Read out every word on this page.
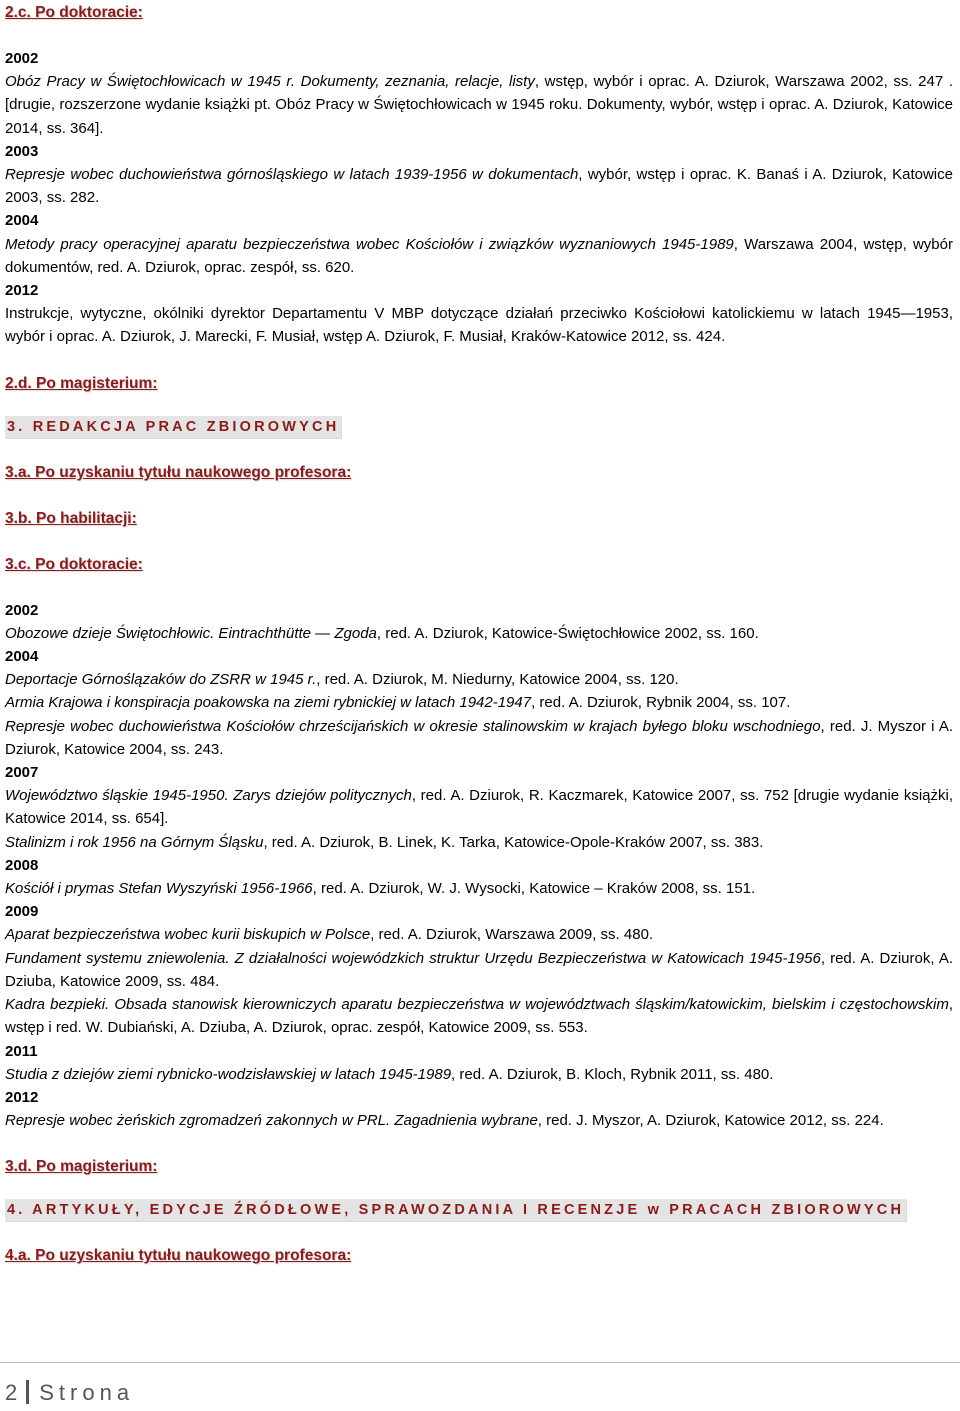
2.c. Po doktoracie:
2002
Obóz Pracy w Świętochłowicach w 1945 r. Dokumenty, zeznania, relacje, listy, wstęp, wybór i oprac. A. Dziurok, Warszawa 2002, ss. 247 . [drugie, rozszerzone wydanie książki pt. Obóz Pracy w Świętochłowicach w 1945 roku. Dokumenty, wybór, wstęp i oprac. A. Dziurok, Katowice 2014, ss. 364].
2003
Represje wobec duchowieństwa górnośląskiego w latach 1939-1956 w dokumentach, wybór, wstęp i oprac. K. Banaś i A. Dziurok, Katowice 2003, ss. 282.
2004
Metody pracy operacyjnej aparatu bezpieczeństwa wobec Kościołów i związków wyznaniowych 1945-1989, Warszawa 2004, wstęp, wybór dokumentów, red. A. Dziurok, oprac. zespół, ss. 620.
2012
Instrukcje, wytyczne, okólniki dyrektor Departamentu V MBP dotyczące działań przeciwko Kościołowi katolickiemu w latach 1945—1953, wybór i oprac. A. Dziurok, J. Marecki, F. Musiał, wstęp A. Dziurok, F. Musiał, Kraków-Katowice 2012, ss. 424.
2.d. Po magisterium:
3. REDAKCJA PRAC ZBIOROWYCH
3.a. Po uzyskaniu tytułu naukowego profesora:
3.b. Po habilitacji:
3.c. Po doktoracie:
2002
Obozowe dzieje Świętochłowic. Eintrachthütte — Zgoda, red. A. Dziurok, Katowice-Świętochłowice 2002, ss. 160.
2004
Deportacje Górnoślązaków do ZSRR w 1945 r., red. A. Dziurok, M. Niedurny, Katowice 2004, ss. 120.
Armia Krajowa i konspiracja poakowska na ziemi rybnickiej w latach 1942-1947, red. A. Dziurok, Rybnik 2004, ss. 107.
Represje wobec duchowieństwa Kościołów chrześcijańskich w okresie stalinowskim w krajach byłego bloku wschodniego, red. J. Myszor i A. Dziurok, Katowice 2004, ss. 243.
2007
Województwo śląskie 1945-1950. Zarys dziejów politycznych, red. A. Dziurok, R. Kaczmarek, Katowice 2007, ss. 752 [drugie wydanie książki, Katowice 2014, ss. 654].
Stalinizm i rok 1956 na Górnym Śląsku, red. A. Dziurok, B. Linek, K. Tarka, Katowice-Opole-Kraków 2007, ss. 383.
2008
Kościół i prymas Stefan Wyszyński 1956-1966, red. A. Dziurok, W. J. Wysocki, Katowice – Kraków 2008, ss. 151.
2009
Aparat bezpieczeństwa wobec kurii biskupich w Polsce, red. A. Dziurok, Warszawa 2009, ss. 480.
Fundament systemu zniewolenia. Z działalności wojewódzkich struktur Urzędu Bezpieczeństwa w Katowicach 1945-1956, red. A. Dziurok, A. Dziuba, Katowice 2009, ss. 484.
Kadra bezpieki. Obsada stanowisk kierowniczych aparatu bezpieczeństwa w województwach śląskim/katowickim, bielskim i częstochowskim, wstęp i red. W. Dubiański, A. Dziuba, A. Dziurok, oprac. zespół, Katowice 2009, ss. 553.
2011
Studia z dziejów ziemi rybnicko-wodzisławskiej w latach 1945-1989, red. A. Dziurok, B. Kloch, Rybnik 2011, ss. 480.
2012
Represje wobec żeńskich zgromadzeń zakonnych w PRL. Zagadnienia wybrane, red. J. Myszor, A. Dziurok, Katowice 2012, ss. 224.
3.d. Po magisterium:
4. ARTYKUŁY, EDYCJE ŹRÓDŁOWE, SPRAWOZDANIA I RECENZJE w PRACACH ZBIOROWYCH
4.a. Po uzyskaniu tytułu naukowego profesora:
2 Strona
